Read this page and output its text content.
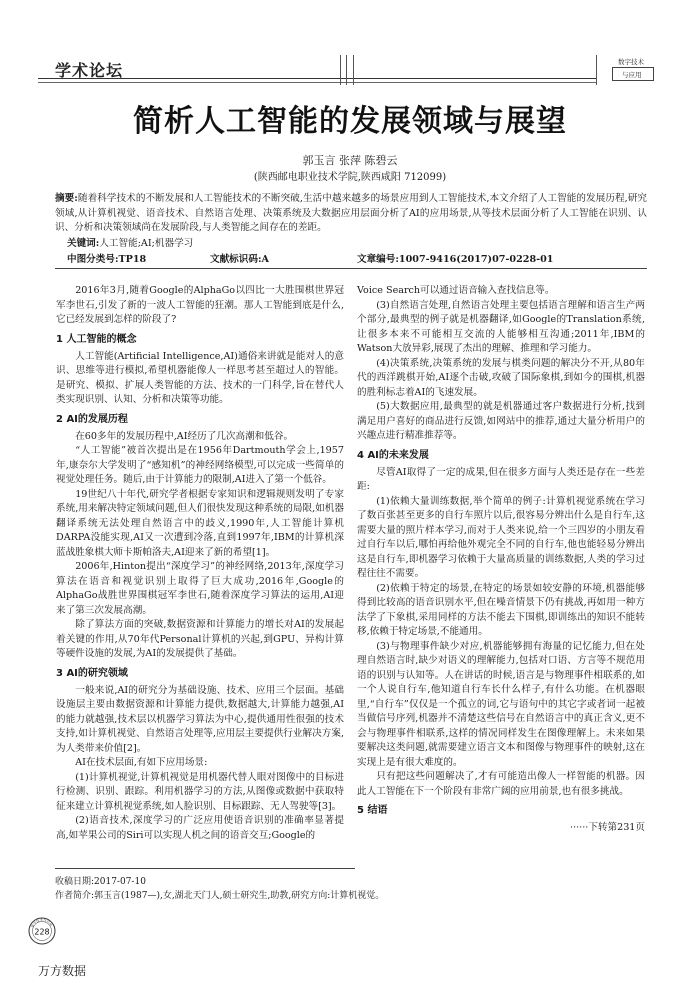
学术论坛	数字技术
与应用
简析人工智能的发展领域与展望
郭玉言 张萍 陈碧云
(陕西邮电职业技术学院,陕西咸阳 712099)
摘要:随着科学技术的不断发展和人工智能技术的不断突破,生活中越来越多的场景应用到人工智能技术,本文介绍了人工智能的发展历程,研究领域,从计算机视觉、语音技术、自然语言处理、决策系统及大数据应用层面分析了AI的应用场景,从等技术层面分析了人工智能在识别、认识、分析和决策领域尚在发展阶段,与人类智能之间存在的差距。
关键词:人工智能;AI;机器学习
中图分类号:TP18	文献标识码:A	文章编号:1007-9416(2017)07-0228-01

2016年3月,随着Google的AlphaGo以四比一大胜围棋世界冠军李世石,引发了新的一波人工智能的狂潮。那人工智能到底是什么,它已经发展到怎样的阶段了?

1 人工智能的概念

人工智能(Artificial Intelligence,AI)通俗来讲就是能对人的意识、思维等进行模拟,希望机器能像人一样思考甚至超过人的智能。是研究、模拟、扩展人类智能的方法、技术的一门科学,旨在替代人类实现识别、认知、分析和决策等功能。

2 AI的发展历程

在60多年的发展历程中,AI经历了几次高潮和低谷。

“人工智能”被首次提出是在1956年Dartmouth学会上,1957年,康奈尔大学发明了“感知机”的神经网络模型,可以完成一些简单的视觉处理任务。随后,由于计算能力的限制,AI进入了第一个低谷。

19世纪八十年代,研究学者根据专家知识和逻辑规则发明了专家系统,用来解决特定领域问题,但人们很快发现这种系统的局限,如机器翻译系统无法处理自然语言中的歧义,1990年,人工智能计算机DARPA没能实现,AI又一次遭到冷落,直到1997年,IBM的计算机深蓝战胜象棋大师卡斯帕洛夫,AI迎来了新的希望[1]。

2006年,Hinton提出“深度学习”的神经网络,2013年,深度学习算法在语音和视觉识别上取得了巨大成功,2016年,Google的AlphaGo战胜世界围棋冠军李世石,随着深度学习算法的运用,AI迎来了第三次发展高潮。

除了算法方面的突破,数据资源和计算能力的增长对AI的发展起着关键的作用,从70年代Personal计算机的兴起,到GPU、异构计算等硬件设施的发展,为AI的发展提供了基础。

3 AI的研究领域

一般来说,AI的研究分为基础设施、技术、应用三个层面。基础设施层主要由数据资源和计算能力提供,数据越大,计算能力越强,AI的能力就越强,技术层以机器学习算法为中心,提供通用性很强的技术支持,如计算机视觉、自然语言处理等,应用层主要提供行业解决方案,为人类带来价值[2]。

AI在技术层面,有如下应用场景:

(1)计算机视觉,计算机视觉是用机器代替人眼对图像中的目标进行检测、识别、跟踪。利用机器学习的方法,从图像或数据中获取特征来建立计算机视觉系统,如人脸识别、目标跟踪、无人驾驶等[3]。

(2)语音技术,深度学习的广泛应用使语音识别的准确率显著提高,如苹果公司的Siri可以实现人机之间的语音交互;Google的

Voice Search可以通过语音输入查找信息等。

(3)自然语言处理,自然语言处理主要包括语言理解和语言生产两个部分,最典型的例子就是机器翻译,如Google的Translation系统,让很多本来不可能相互交流的人能够相互沟通;2011年,IBM的Watson大放异彩,展现了杰出的理解、推理和学习能力。

(4)决策系统,决策系统的发展与棋类问题的解决分不开,从80年代的西洋跳棋开始,AI逐个击破,攻破了国际象棋,到如今的围棋,机器的胜利标志着AI的飞速发展。

(5)大数据应用,最典型的就是机器通过客户数据进行分析,找到满足用户喜好的商品进行反馈,如网站中的推荐,通过大量分析用户的兴趣点进行精准推荐等。

4 AI的未来发展

尽管AI取得了一定的成果,但在很多方面与人类还是存在一些差距:

(1)依赖大量训练数据,举个简单的例子:计算机视觉系统在学习了数百张甚至更多的自行车照片以后,很容易分辨出什么是自行车,这需要大量的照片样本学习,而对于人类来说,给一个三四岁的小朋友看过自行车以后,哪怕再给他外观完全不同的自行车,他也能轻易分辨出这是自行车,即机器学习依赖于大量高质量的训练数据,人类的学习过程往往不需要。

(2)依赖于特定的场景,在特定的场景如较安静的环境,机器能够得到比较高的语音识别水平,但在噪音情景下仍有挑战,再如用一种方法学了下象棋,采用同样的方法不能去下围棋,即训练出的知识不能转移,依赖于特定场景,不能通用。

(3)与物理事件缺少对应,机器能够拥有海量的记忆能力,但在处理自然语言时,缺少对语义的理解能力,包括对口语、方言等不规范用语的识别与认知等。人在讲话的时候,语言是与物理事件相联系的,如一个人说自行车,他知道自行车长什么样子,有什么功能。在机器眼里,“自行车”仅仅是一个孤立的词,它与语句中的其它字或者词一起被当做信号序列,机器并不清楚这些信号在自然语言中的真正含义,更不会与物理事件相联系,这样的情况同样发生在图像理解上。未来如果要解决这类问题,就需要建立语言文本和图像与物理事件的映射,这在实现上是有很大难度的。

只有把这些问题解决了,才有可能造出像人一样智能的机器。因此人工智能在下一个阶段有非常广阔的应用前景,也有很多挑战。

5 结语
······下转第231页
收稿日期:2017-07-10
作者简介:郭玉言(1987—),女,湖北天门人,硕士研究生,助教,研究方向:计算机视觉。
数字技术与应用
228
万方数据
